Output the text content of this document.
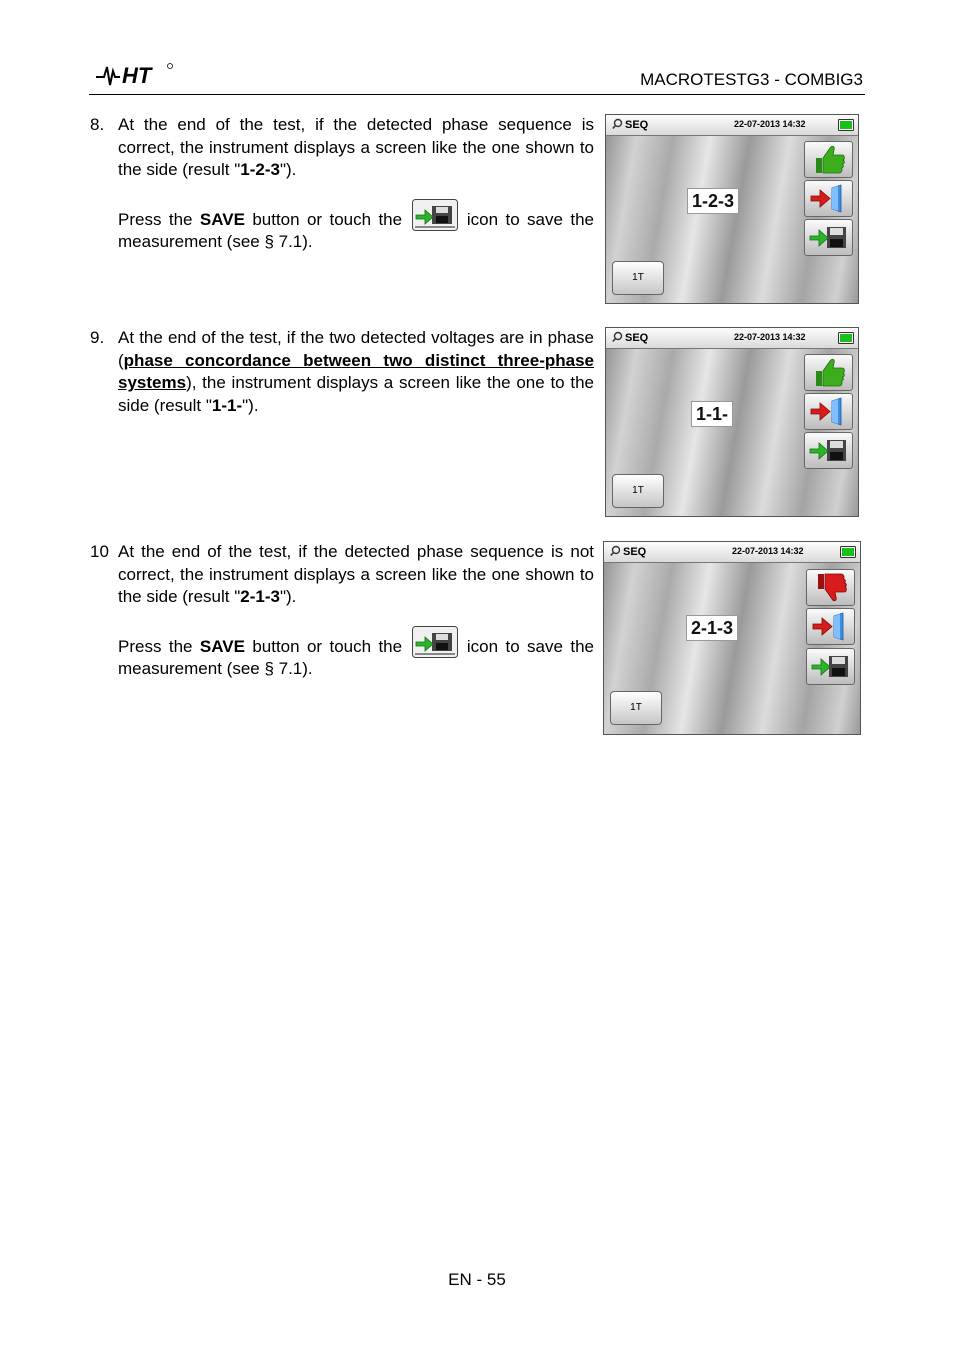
HT	MACROTESTG3 - COMBIG3
8. At the end of the test, if the detected phase sequence is correct, the instrument displays a screen like the one shown to the side (result "1-2-3").

Press the SAVE button or touch the	icon to save the measurement (see § 7.1).

9. At the end of the test, if the two detected voltages are in phase (phase concordance between two distinct three-phase systems), the instrument displays a screen like the one to the side (result "1-1-").

10 At the end of the test, if the detected phase sequence is not correct, the instrument displays a screen like the one shown to the side (result "2-1-3").

Press the SAVE button or touch the	icon to save the measurement (see § 7.1).

SEQ	22-07-2013 14:32
1-2-3
1T
SEQ	22-07-2013 14:32
1-1-
1T
SEQ	22-07-2013 14:32
2-1-3
1T
EN - 55
